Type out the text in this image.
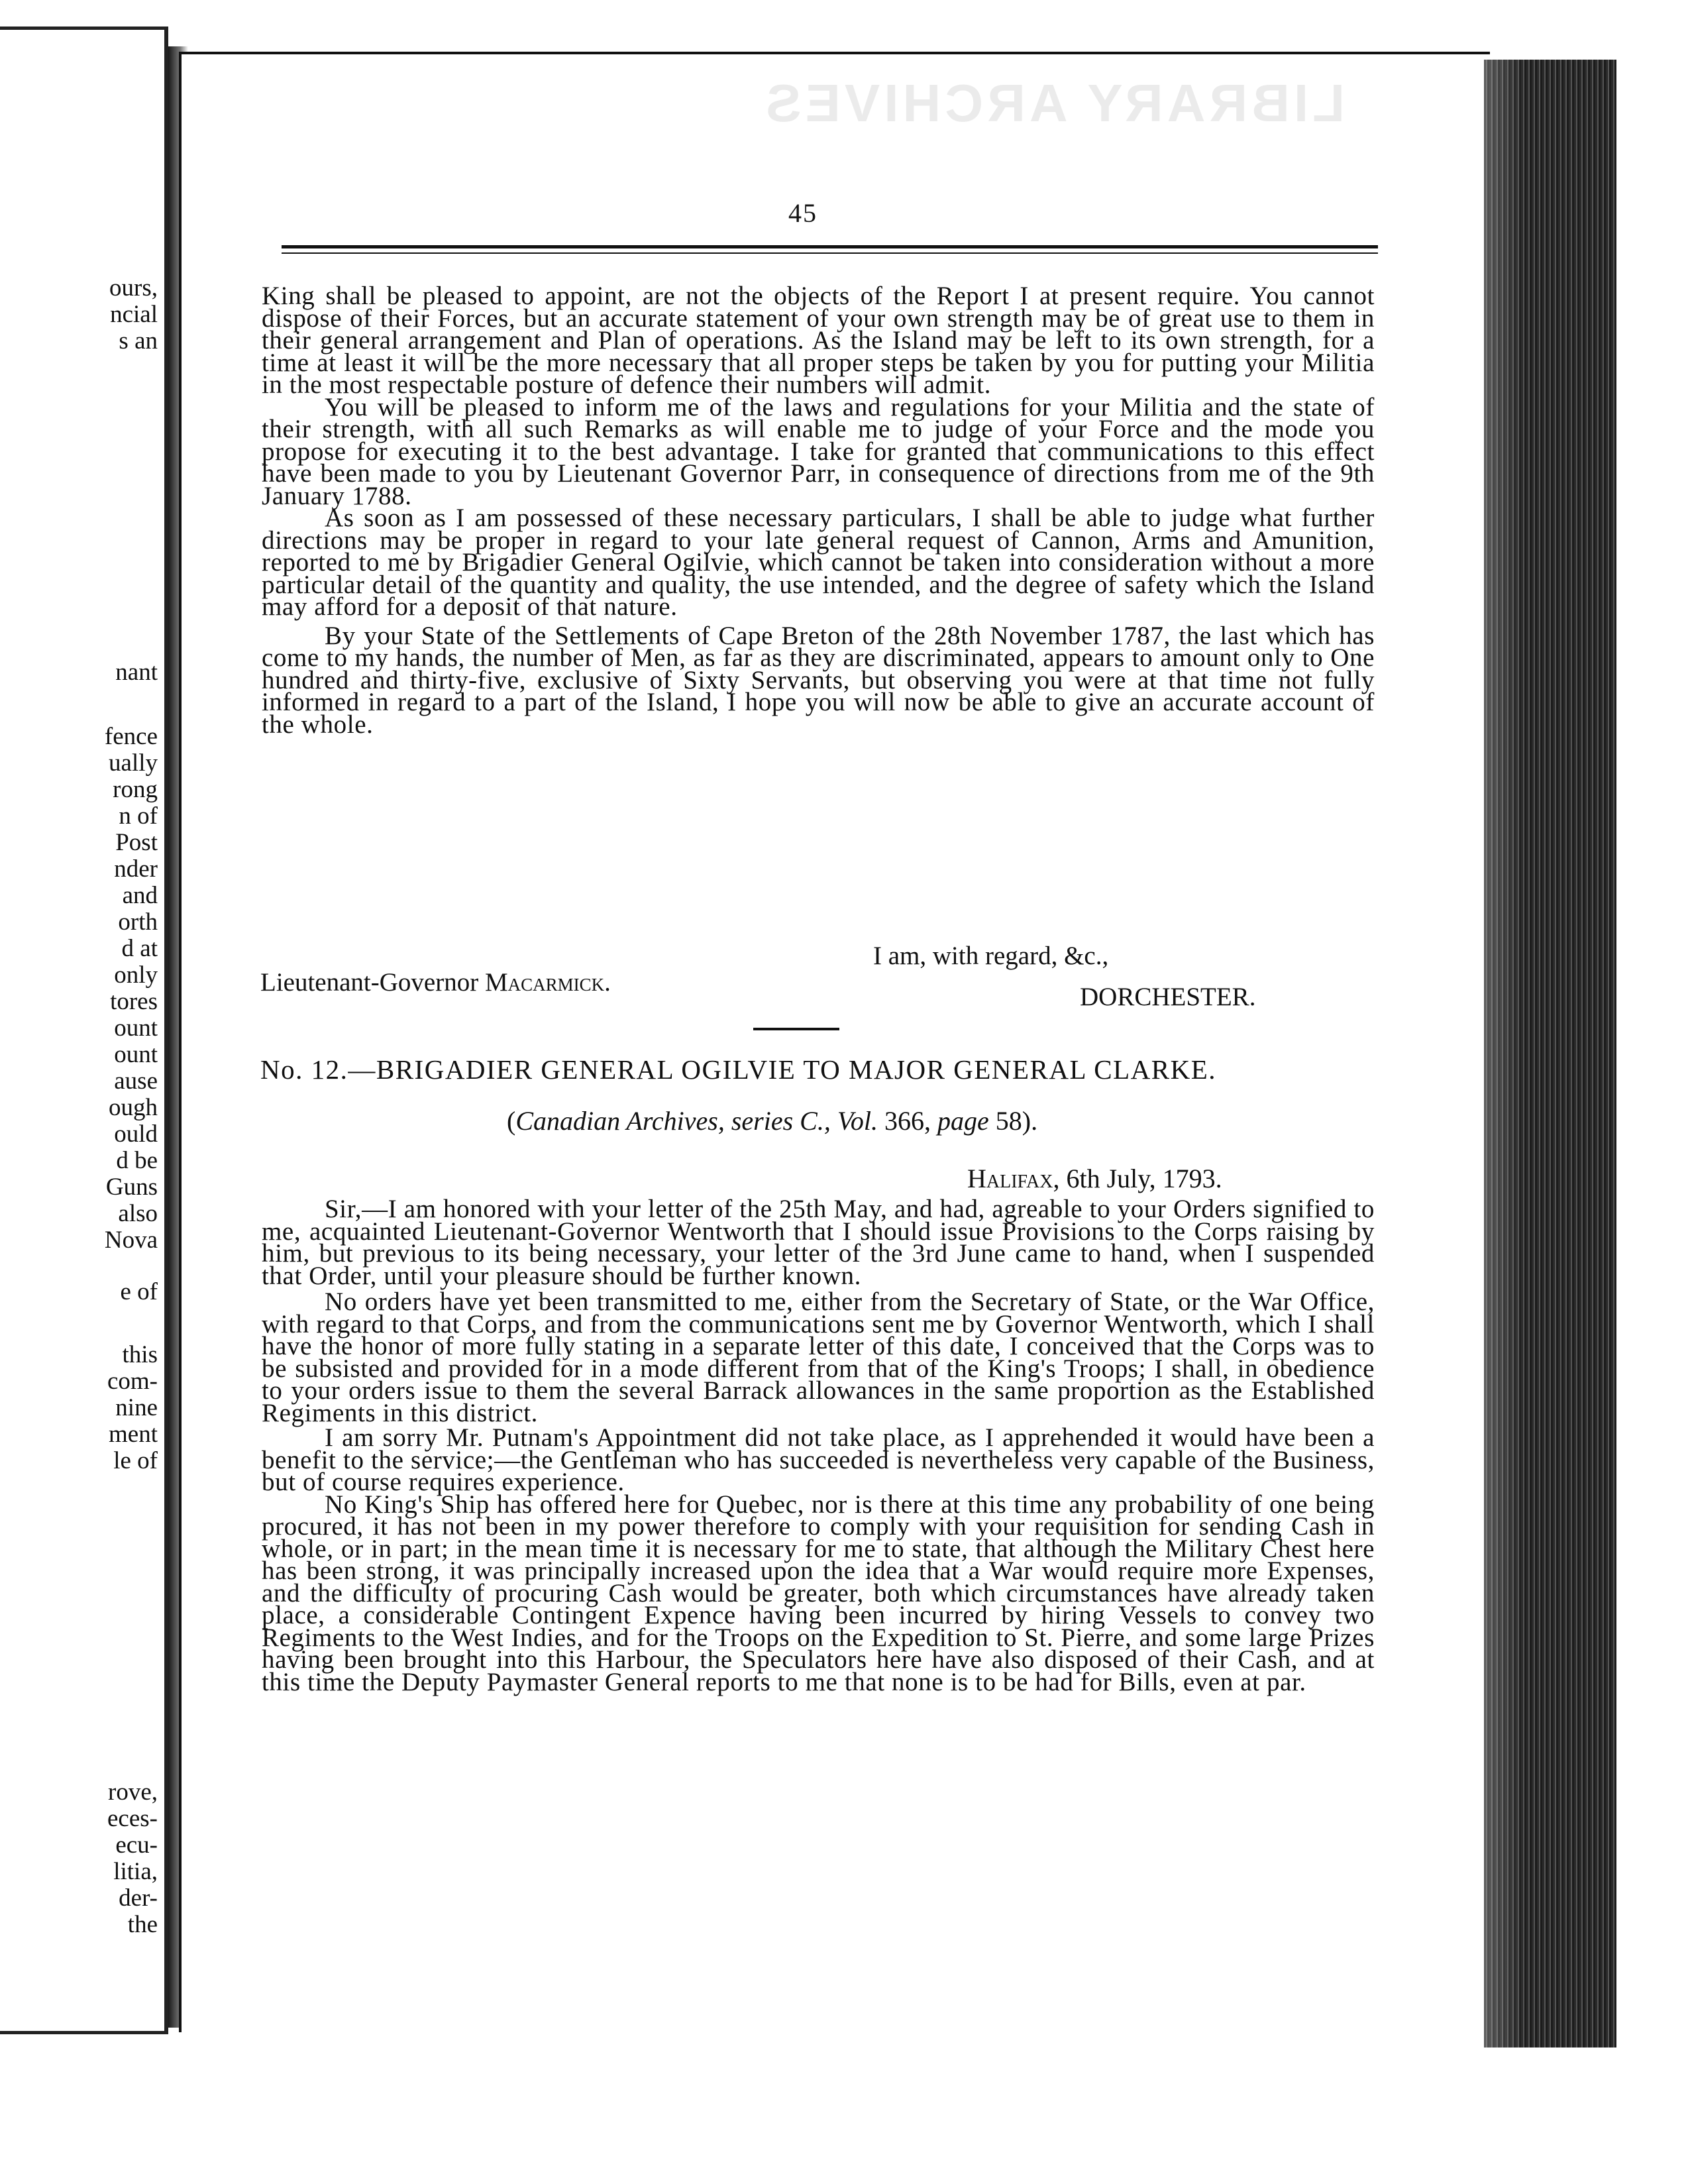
ours,
ncial
s an
nant
fence
ually
rong
n of
Post
nder
and
orth
d at
only
tores
ount
ount
ause
ough
ould
d be
Guns
also
Nova
e of
this
com-
nine
ment
le of
rove,
eces-
ecu-
litia,
der-
the
LIBRARY ARCHIVES
45

King shall be pleased to appoint, are not the objects of the Report I at present require. You cannot dispose of their Forces, but an accurate statement of your own strength may be of great use to them in their general arrangement and Plan of operations. As the Island may be left to its own strength, for a time at least it will be the more necessary that all proper steps be taken by you for putting your Militia in the most respectable posture of defence their numbers will admit.

You will be pleased to inform me of the laws and regulations for your Militia and the state of their strength, with all such Remarks as will enable me to judge of your Force and the mode you propose for executing it to the best advantage. I take for granted that communications to this effect have been made to you by Lieutenant Governor Parr, in consequence of directions from me of the 9th January 1788.

As soon as I am possessed of these necessary particulars, I shall be able to judge what further directions may be proper in regard to your late general request of Cannon, Arms and Amunition, reported to me by Brigadier General Ogilvie, which cannot be taken into consideration without a more particular detail of the quantity and quality, the use intended, and the degree of safety which the Island may afford for a deposit of that nature.

By your State of the Settlements of Cape Breton of the 28th November 1787, the last which has come to my hands, the number of Men, as far as they are discriminated, appears to amount only to One hundred and thirty-five, exclusive of Sixty Servants, but observing you were at that time not fully informed in regard to a part of the Island, I hope you will now be able to give an accurate account of the whole.

I am, with regard, &c.,
Lieutenant-Governor Macarmick.
DORCHESTER.
No. 12.—BRIGADIER GENERAL OGILVIE TO MAJOR GENERAL CLARKE.
(Canadian Archives, series C., Vol. 366, page 58).
Halifax, 6th July, 1793.

Sir,—I am honored with your letter of the 25th May, and had, agreable to your Orders signified to me, acquainted Lieutenant-Governor Wentworth that I should issue Provisions to the Corps raising by him, but previous to its being necessary, your letter of the 3rd June came to hand, when I suspended that Order, until your pleasure should be further known.

No orders have yet been transmitted to me, either from the Secretary of State, or the War Office, with regard to that Corps, and from the communications sent me by Governor Wentworth, which I shall have the honor of more fully stating in a separate letter of this date, I conceived that the Corps was to be subsisted and provided for in a mode different from that of the King's Troops; I shall, in obedience to your orders issue to them the several Barrack allowances in the same proportion as the Established Regiments in this district.

I am sorry Mr. Putnam's Appointment did not take place, as I apprehended it would have been a benefit to the service;—the Gentleman who has succeeded is nevertheless very capable of the Business, but of course requires experience.

No King's Ship has offered here for Quebec, nor is there at this time any probability of one being procured, it has not been in my power therefore to comply with your requisition for sending Cash in whole, or in part; in the mean time it is necessary for me to state, that although the Military Chest here has been strong, it was principally increased upon the idea that a War would require more Expenses, and the difficulty of procuring Cash would be greater, both which circumstances have already taken place, a considerable Contingent Expence having been incurred by hiring Vessels to convey two Regiments to the West Indies, and for the Troops on the Expedition to St. Pierre, and some large Prizes having been brought into this Harbour, the Speculators here have also disposed of their Cash, and at this time the Deputy Paymaster General reports to me that none is to be had for Bills, even at par.
